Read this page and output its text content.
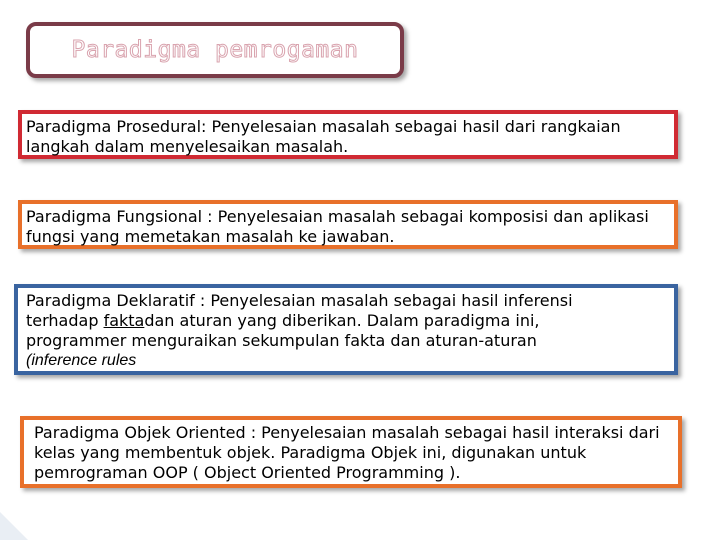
Paradigma pemrogaman
Paradigma Prosedural: Penyelesaian masalah sebagai hasil dari rangkaian langkah dalam menyelesaikan masalah.
Paradigma Fungsional : Penyelesaian masalah sebagai komposisi dan aplikasi fungsi yang memetakan masalah ke jawaban.
Paradigma Deklaratif : Penyelesaian masalah sebagai hasil inferensi
terhadap faktadan aturan yang diberikan. Dalam paradigma ini,
programmer menguraikan sekumpulan fakta dan aturan-aturan
(inference rules
Paradigma Objek Oriented : Penyelesaian masalah sebagai hasil interaksi dari kelas yang membentuk objek. Paradigma Objek ini, digunakan untuk pemrograman OOP ( Object Oriented Programming ).
